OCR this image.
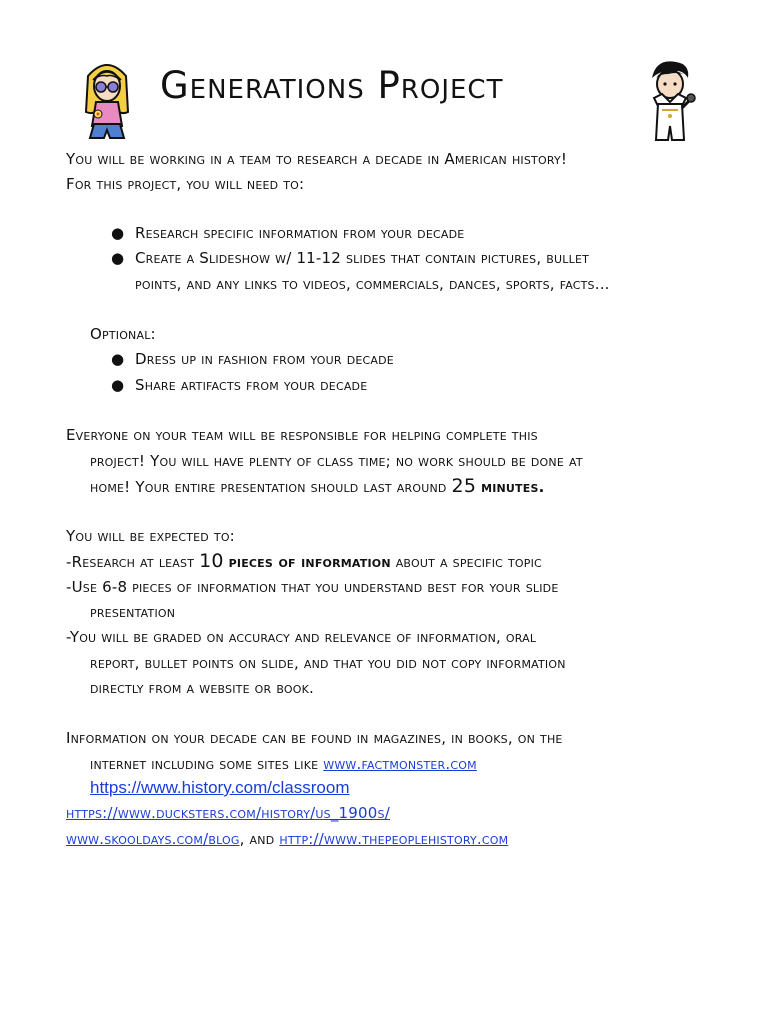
Generations Project
You will be working in a team to research a decade in American history!
For this project, you will need to:
● Research specific information from your decade
● Create a Slideshow w/ 11-12 slides that contain pictures, bullet
points, and any links to videos, commercials, dances, sports, facts...
Optional:
● Dress up in fashion from your decade
● Share artifacts from your decade
Everyone on your team will be responsible for helping complete this
project! You will have plenty of class time; no work should be done at
home! Your entire presentation should last around 25 minutes.
You will be expected to:
-Research at least 10 pieces of information about a specific topic
-Use 6-8 pieces of information that you understand best for your slide
presentation
-You will be graded on accuracy and relevance of information, oral
report, bullet points on slide, and that you did not copy information
directly from a website or book.
Information on your decade can be found in magazines, in books, on the
internet including some sites like www.factmonster.com
https://www.history.com/classroom
https://www.ducksters.com/history/us_1900s/
www.skooldays.com/blog, and http://www.thepeoplehistory.com
